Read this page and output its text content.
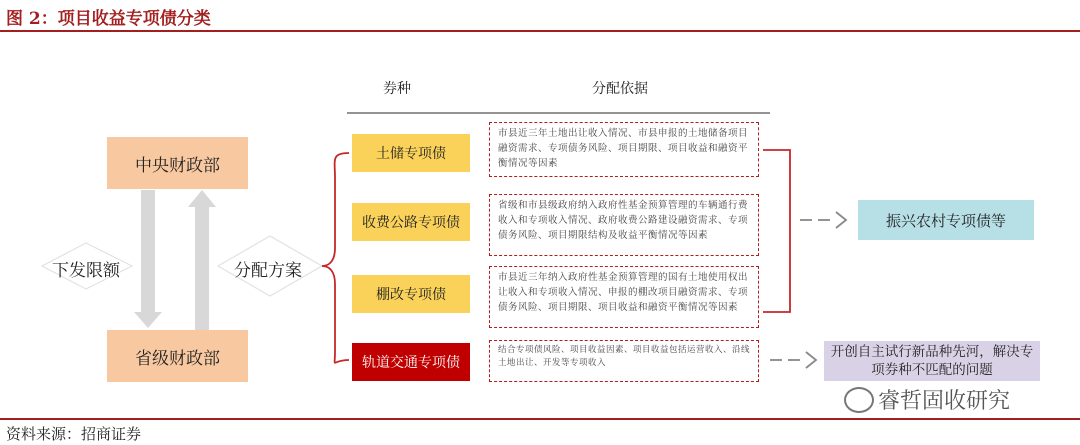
图 2：项目收益专项债分类
券种	分配依据
中央财政部
省级财政部
下发限额	分配方案
土储专项债
收费公路专项债
棚改专项债
轨道交通专项债
市县近三年土地出让收入情况、市县申报的土地储备项目融资需求、专项债务风险、项目期限、项目收益和融资平衡情况等因素
省级和市县级政府纳入政府性基金预算管理的车辆通行费收入和专项收入情况、政府收费公路建设融资需求、专项债务风险、项目期限结构及收益平衡情况等因素
市县近三年纳入政府性基金预算管理的国有土地使用权出让收入和专项收入情况、申报的棚改项目融资需求、专项债务风险、项目期限、项目收益和融资平衡情况等因素
结合专项债风险、项目收益因素、项目收益包括运营收入、沿线土地出让、开发等专项收入
振兴农村专项债等
开创自主试行新品种先河，解决专项券种不匹配的问题
睿哲固收研究
资料来源：招商证券
